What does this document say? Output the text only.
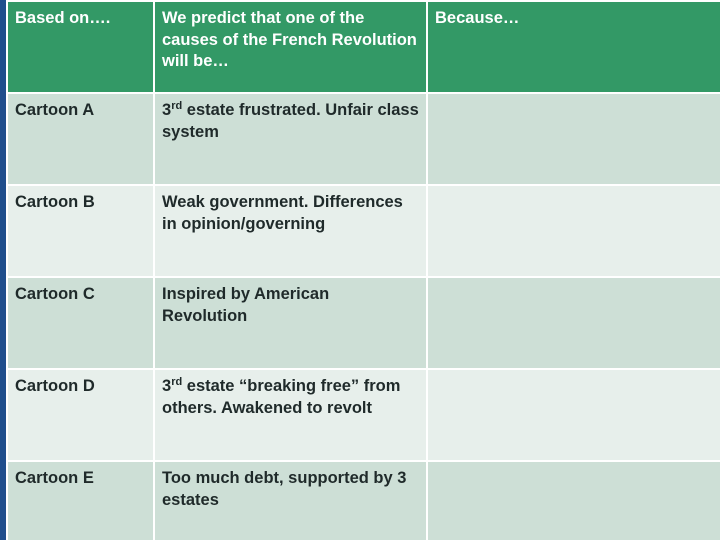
Based on….	We predict that one of the causes of the French Revolution will be…	Because…
Cartoon A	3rd estate frustrated. Unfair class system	
Cartoon B	Weak government. Differences in opinion/governing	
Cartoon C	Inspired by American Revolution	
Cartoon D	3rd estate “breaking free” from others. Awakened to revolt	
Cartoon E	Too much debt, supported by 3 estates	
